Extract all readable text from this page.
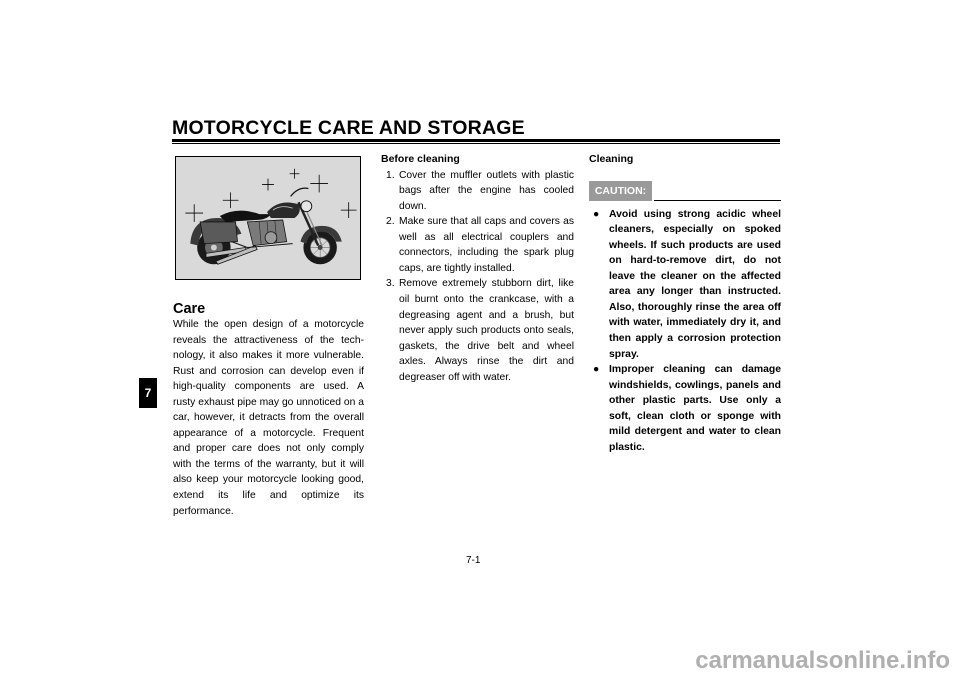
MOTORCYCLE CARE AND STORAGE
7
Care

While the open design of a motorcycle reveals the attractiveness of the technology, it also makes it more vulnerable. Rust and corrosion can develop even if high-quality components are used. A rusty exhaust pipe may go unnoticed on a car, however, it detracts from the overall appearance of a motorcycle. Frequent and proper care does not only comply with the terms of the warranty, but it will also keep your motorcycle looking good, extend its life and optimize its performance.

Before cleaning
1. Cover the muffler outlets with plastic bags after the engine has cooled down.
2. Make sure that all caps and covers as well as all electrical couplers and connectors, including the spark plug caps, are tightly installed.
3. Remove extremely stubborn dirt, like oil burnt onto the crankcase, with a degreasing agent and a brush, but never apply such products onto seals, gaskets, the drive belt and wheel axles. Always rinse the dirt and degreaser off with water.
Cleaning
CAUTION:
● Avoid using strong acidic wheel cleaners, especially on spoked wheels. If such products are used on hard-to-remove dirt, do not leave the cleaner on the affected area any longer than instructed. Also, thoroughly rinse the area off with water, immediately dry it, and then apply a corrosion protection spray.
● Improper cleaning can damage windshields, cowlings, panels and other plastic parts. Use only a soft, clean cloth or sponge with mild detergent and water to clean plastic.
7-1
carmanualsonline.info
